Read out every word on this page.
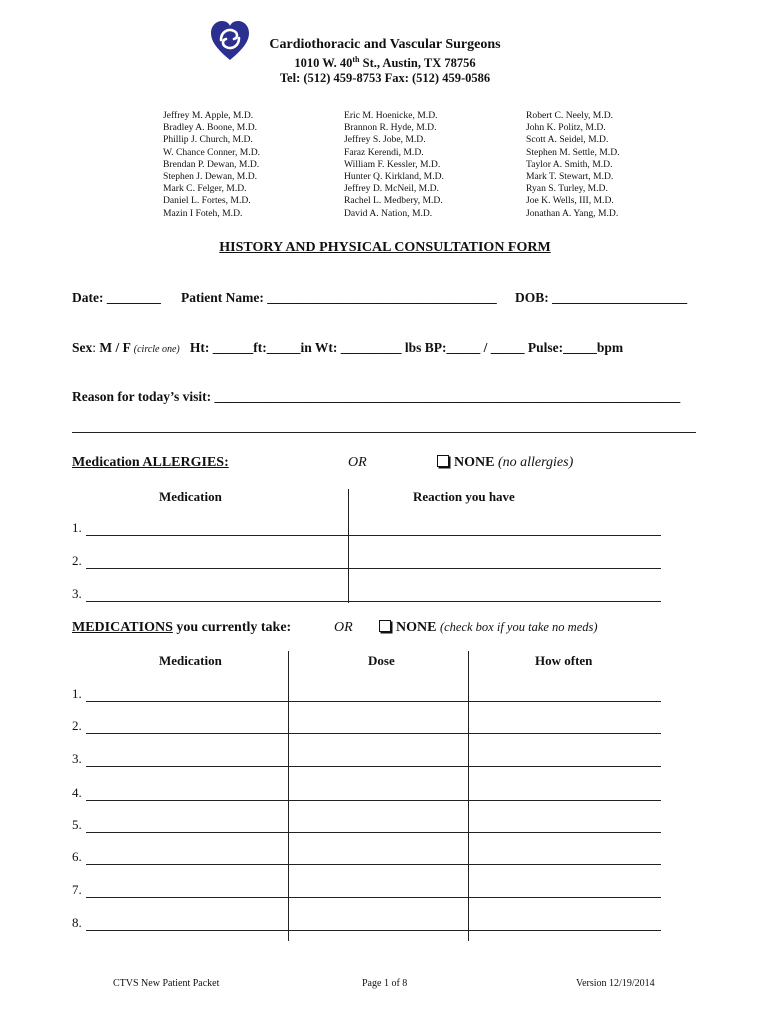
Cardiothoracic and Vascular Surgeons
1010 W. 40th St., Austin, TX 78756
Tel: (512) 459-8753 Fax: (512) 459-0586
Jeffrey M. Apple, M.D.
Bradley A. Boone, M.D.
Phillip J. Church, M.D.
W. Chance Conner, M.D.
Brendan P. Dewan, M.D.
Stephen J. Dewan, M.D.
Mark C. Felger, M.D.
Daniel L. Fortes, M.D.
Mazin I Foteh, M.D.
Eric M. Hoenicke, M.D.
Brannon R. Hyde, M.D.
Jeffrey S. Jobe, M.D.
Faraz Kerendi, M.D.
William F. Kessler, M.D.
Hunter Q. Kirkland, M.D.
Jeffrey D. McNeil, M.D.
Rachel L. Medbery, M.D.
David A. Nation, M.D.
Robert C. Neely, M.D.
John K. Politz, M.D.
Scott A. Seidel, M.D.
Stephen M. Settle, M.D.
Taylor A. Smith, M.D.
Mark T. Stewart, M.D.
Ryan S. Turley, M.D.
Joe K. Wells, III, M.D.
Jonathan A. Yang, M.D.
HISTORY AND PHYSICAL CONSULTATION FORM
Date: ________ Patient Name: __________________________________ DOB: ____________________
Sex: M / F (circle one) Ht: ______ft:_____in Wt: _________ lbs BP:_____ / _____ Pulse:_____bpm
Reason for today’s visit: _____________________________________________________________________
Medication ALLERGIES:	OR	NONE (no allergies)
Medication	Reaction you have
1.
2.
3.
MEDICATIONS you currently take:	OR	NONE (check box if you take no meds)
Medication	Dose	How often
1.
2.
3.
4.
5.
6.
7.
8.
CTVS New Patient Packet	Page 1 of 8	Version 12/19/2014
